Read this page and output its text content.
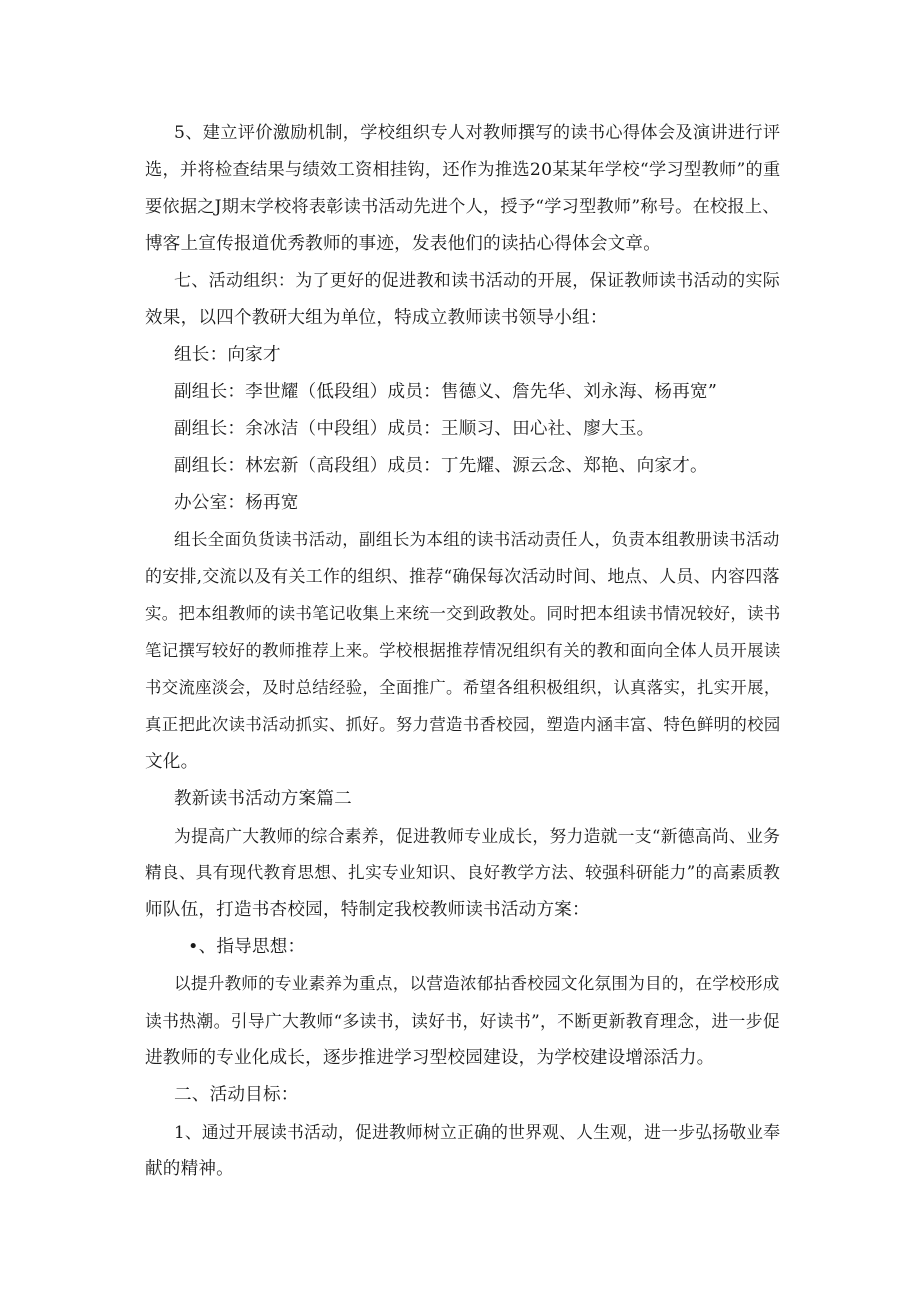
5、建立评价激励机制，学校组织专人对教师撰写的读书心得体会及演讲进行评
选，并将检查结果与绩效工资相挂钩，还作为推选20某某年学校“学习型教师”的重
要依据之J期末学校将表彰读书活动先进个人，授予“学习型教师”称号。在校报上、
博客上宣传报道优秀教师的事迹，发表他们的读拈心得体会文章。
七、活动组织：为了更好的促进教和读书活动的开展，保证教师读书活动的实际
效果，以四个教研大组为单位，特成立教师读书领导小组：
组长：向家才
副组长：李世耀（低段组）成员：售德义、詹先华、刘永海、杨再宽”
副组长：余冰洁（中段组）成员：王顺习、田心社、廖大玉。
副组长：林宏新（高段组）成员：丁先耀、源云念、郑艳、向家才。
办公室：杨再宽
组长全面负货读书活动，副组长为本组的读书活动责任人，负责本组教册读书活动
的安排,交流以及有关工作的组织、推荐“确保每次活动时间、地点、人员、内容四落
实。把本组教师的读书笔记收集上来统一交到政教处。同时把本组读书情况较好，读书
笔记撰写较好的教师推荐上来。学校根据推荐情况组织有关的教和面向全体人员开展读
书交流座淡会，及时总结经验，全面推广。希望各组积极组织，认真落实，扎实开展，
真正把此次读书活动抓实、抓好。努力营造书香校园，塑造内涵丰富、特色鲜明的校园
文化。
教新读书活动方案篇二
为提高广大教师的综合素养，促进教师专业成长，努力造就一支“新德高尚、业务
精良、具有现代教育思想、扎实专业知识、良好教学方法、较强科研能力”的高素质教
师队伍，打造书杏校园，特制定我校教师读书活动方案：
•、指导思想：
以提升教师的专业素养为重点，以营造浓郁拈香校园文化氛围为目的，在学校形成
读书热潮。引导广大教师“多读书，读好书，好读书”，不断更新教育理念，进一步促
进教师的专业化成长，逐步推进学习型校园建设，为学校建设增添活力。
二、活动目标：
1、通过开展读书活动，促进教师树立正确的世界观、人生观，进一步弘扬敬业奉
献的精神。
